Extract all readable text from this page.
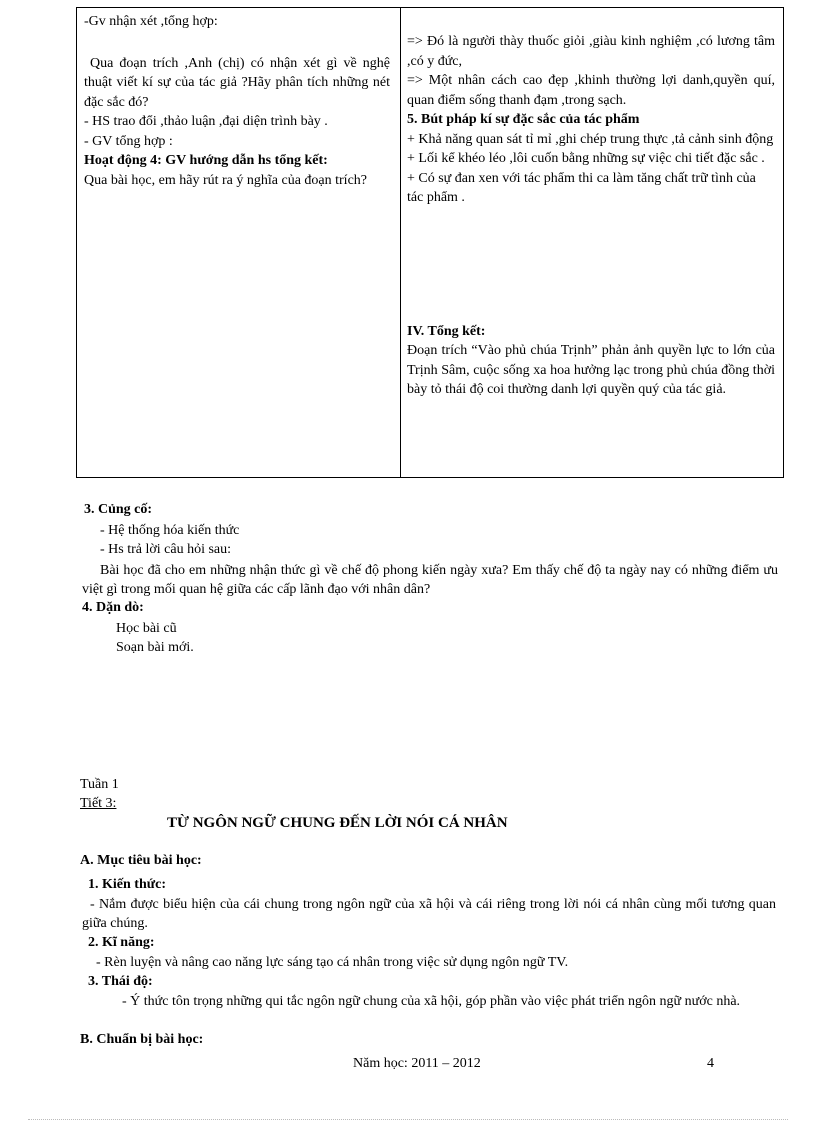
-Gv nhận xét ,tổng hợp:

Qua đoạn trích ,Anh (chị) có nhận xét gì về nghệ thuật viết kí sự của tác giả ?Hãy phân tích những nét đặc sắc đó?

- HS trao đổi ,thảo luận ,đại diện trình bày .

- GV tổng hợp :

Hoạt động 4: GV hướng dẫn hs tổng kết:

Qua bài học, em hãy rút ra ý nghĩa của đoạn trích?

=> Đó là người thày thuốc giỏi ,giàu kinh nghiệm ,có lương tâm ,có y đức,

=> Một nhân cách cao đẹp ,khinh thường lợi danh,quyền quí, quan điểm sống thanh đạm ,trong sạch.

5. Bút pháp kí sự đặc sắc của tác phẩm

+ Khả năng quan sát tỉ mỉ ,ghi chép trung thực ,tả cảnh sinh động

+ Lối kể khéo léo ,lôi cuốn bằng những sự việc chi tiết đặc sắc .

+ Có sự đan xen với tác phẩm thi ca làm tăng chất trữ tình của tác phẩm .

IV. Tổng kết:

Đoạn trích “Vào phủ chúa Trịnh” phản ảnh quyền lực to lớn của Trịnh Sâm, cuộc sống xa hoa hưởng lạc trong phủ chúa đồng thời bày tỏ thái độ coi thường danh lợi quyền quý của tác giả.

3. Củng cố:
- Hệ thống hóa kiến thức
- Hs trả lời câu hỏi sau:
Bài học đã cho em những nhận thức gì về chế độ phong kiến ngày xưa? Em thấy chế độ ta ngày nay có những điểm ưu việt gì trong mối quan hệ giữa các cấp lãnh đạo với nhân dân?
4. Dặn dò:
Học bài cũ
Soạn bài mới.
Tuần 1
Tiết 3:
TỪ NGÔN NGỮ CHUNG ĐẾN LỜI NÓI CÁ NHÂN
A. Mục tiêu bài học:
1. Kiến thức:
- Nắm được biểu hiện của cái chung trong ngôn ngữ của xã hội và cái riêng trong lời nói cá nhân cùng mối tương quan giữa chúng.
2. Kĩ năng:
- Rèn luyện và nâng cao năng lực sáng tạo cá nhân trong việc sử dụng ngôn ngữ TV.
3. Thái độ:
- Ý thức tôn trọng những qui tắc ngôn ngữ chung của xã hội, góp phần vào việc phát triển ngôn ngữ nước nhà.
B. Chuẩn bị bài học:
Năm học: 2011 – 2012	4
